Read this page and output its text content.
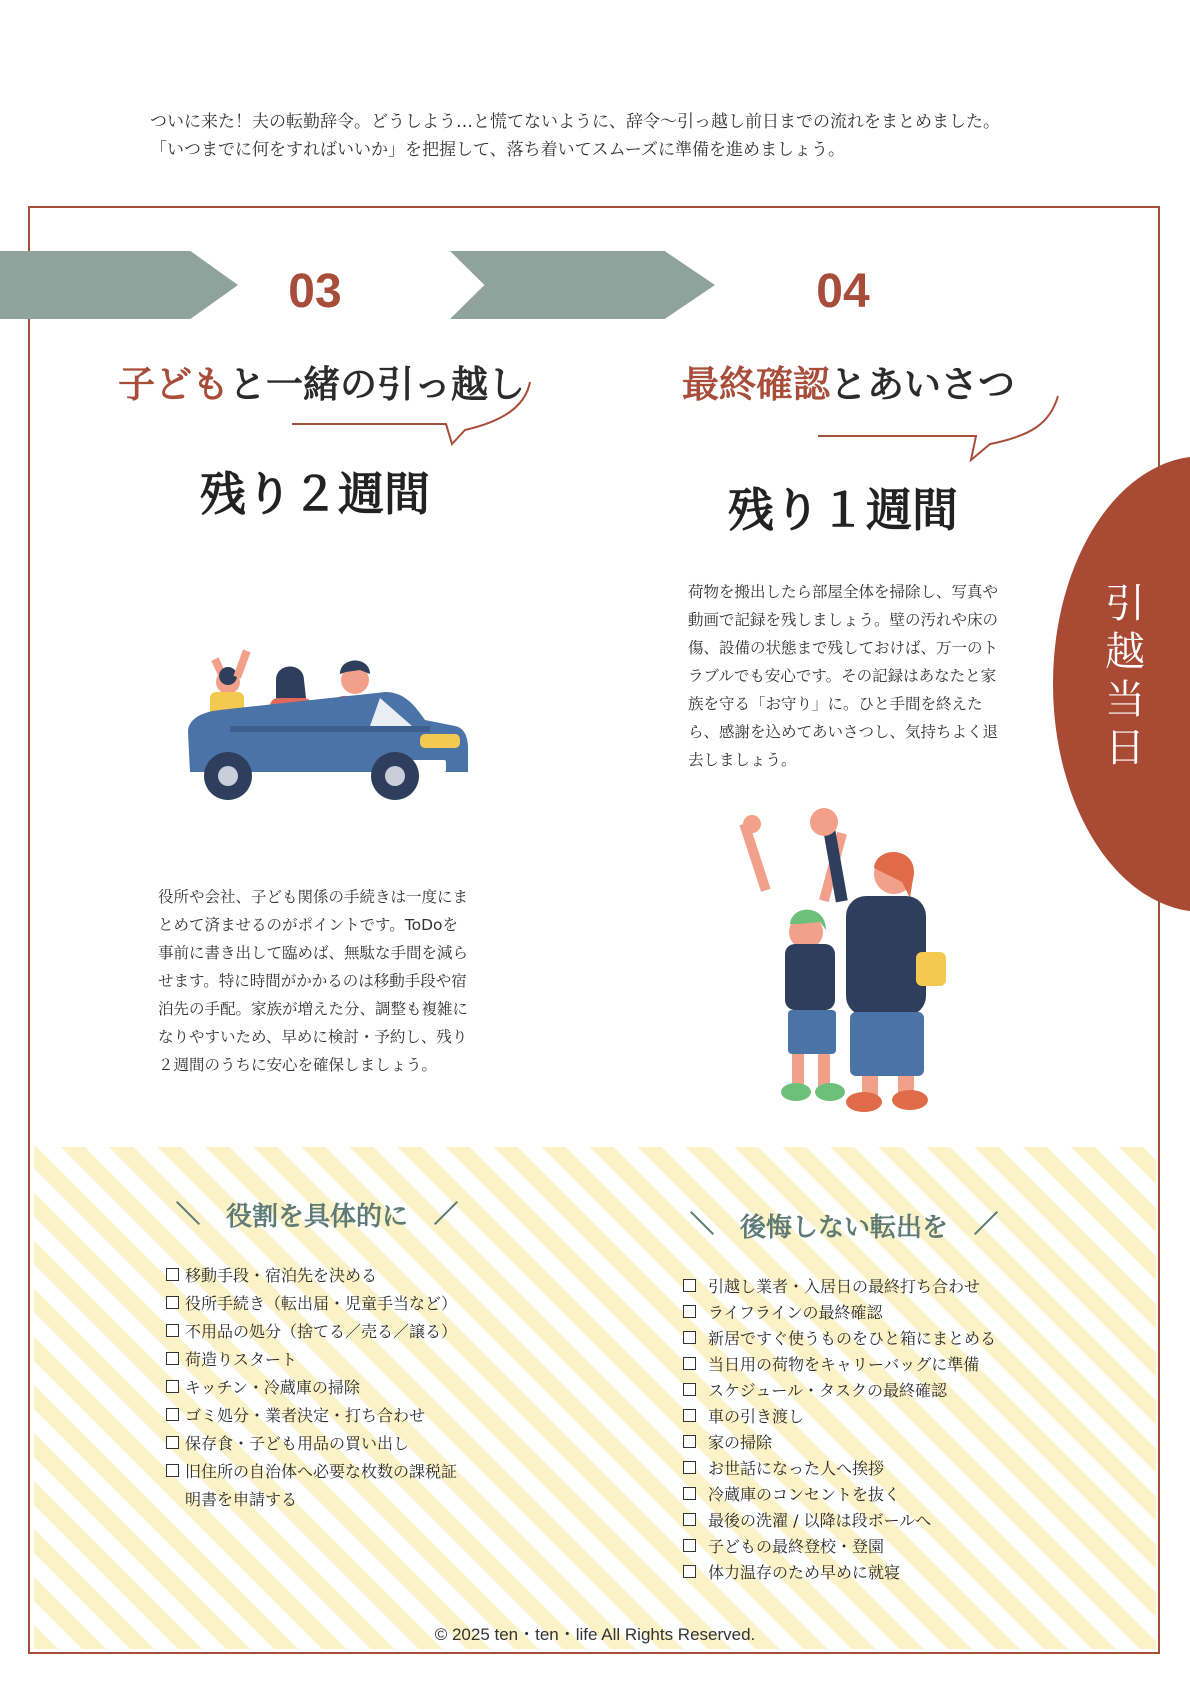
ついに来た！夫の転勤辞令。どうしよう…と慌てないように、辞令〜引っ越し前日までの流れをまとめました。

「いつまでに何をすればいいか」を把握して、落ち着いてスムーズに準備を進めましょう。

03	04
子どもと一緒の引っ越し	最終確認とあいさつ
残り２週間	残り１週間
引越当日
荷物を搬出したら部屋全体を掃除し、写真や動画で記録を残しましょう。壁の汚れや床の傷、設備の状態まで残しておけば、万一のトラブルでも安心です。その記録はあなたと家族を守る「お守り」に。ひと手間を終えたら、感謝を込めてあいさつし、気持ちよく退去しましょう。
役所や会社、子ども関係の手続きは一度にまとめて済ませるのがポイントです。ToDoを事前に書き出して臨めば、無駄な手間を減らせます。特に時間がかかるのは移動手段や宿泊先の手配。家族が増えた分、調整も複雑になりやすいため、早めに検討・予約し、残り２週間のうちに安心を確保しましょう。
役割を具体的に	後悔しない転出を
移動手段・宿泊先を決める
役所手続き（転出届・児童手当など）
不用品の処分（捨てる／売る／譲る）
荷造りスタート
キッチン・冷蔵庫の掃除
ゴミ処分・業者決定・打ち合わせ
保存食・子ども用品の買い出し
旧住所の自治体へ必要な枚数の課税証明書を申請する
引越し業者・入居日の最終打ち合わせ
ライフラインの最終確認
新居ですぐ使うものをひと箱にまとめる
当日用の荷物をキャリーバッグに準備
スケジュール・タスクの最終確認
車の引き渡し
家の掃除
お世話になった人へ挨拶
冷蔵庫のコンセントを抜く
最後の洗濯 / 以降は段ボールへ
子どもの最終登校・登園
体力温存のため早めに就寝
© 2025 ten・ten・life All Rights Reserved.
